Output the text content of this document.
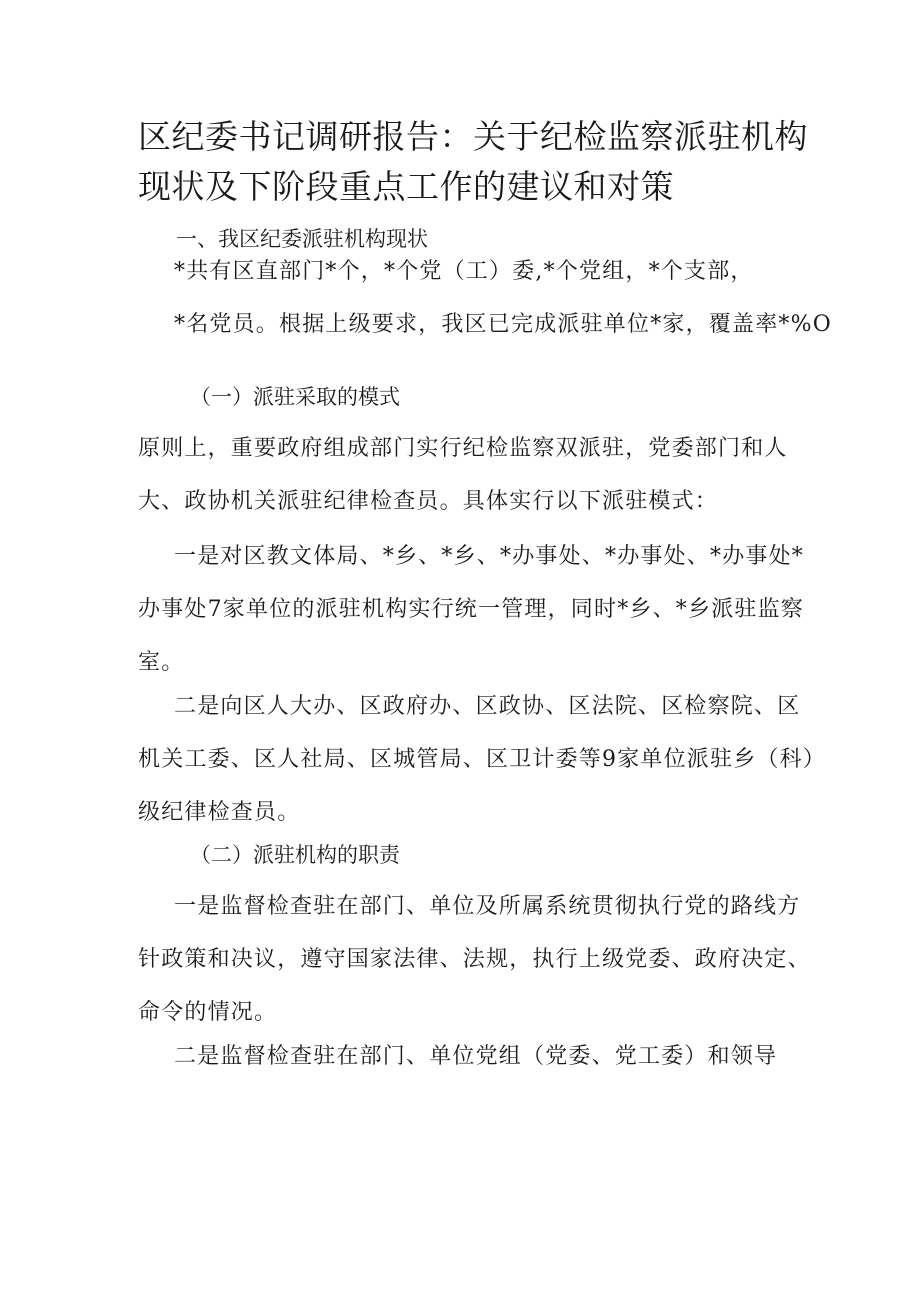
区纪委书记调研报告：关于纪检监察派驻机构
现状及下阶段重点工作的建议和对策

一、我区纪委派驻机构现状

*共有区直部门*个，*个党（工）委,*个党组，*个支部，
*名党员。根据上级要求，我区已完成派驻单位*家，覆盖率*%O

（一）派驻采取的模式

原则上，重要政府组成部门实行纪检监察双派驻，党委部门和人
大、政协机关派驻纪律检查员。具体实行以下派驻模式：

一是对区教文体局、*乡、*乡、*办事处、*办事处、*办事处*
办事处7家单位的派驻机构实行统一管理，同时*乡、*乡派驻监察
室。

二是向区人大办、区政府办、区政协、区法院、区检察院、区
机关工委、区人社局、区城管局、区卫计委等9家单位派驻乡（科）
级纪律检查员。

（二）派驻机构的职责

一是监督检查驻在部门、单位及所属系统贯彻执行党的路线方
针政策和决议，遵守国家法律、法规，执行上级党委、政府决定、
命令的情况。

二是监督检查驻在部门、单位党组（党委、党工委）和领导
